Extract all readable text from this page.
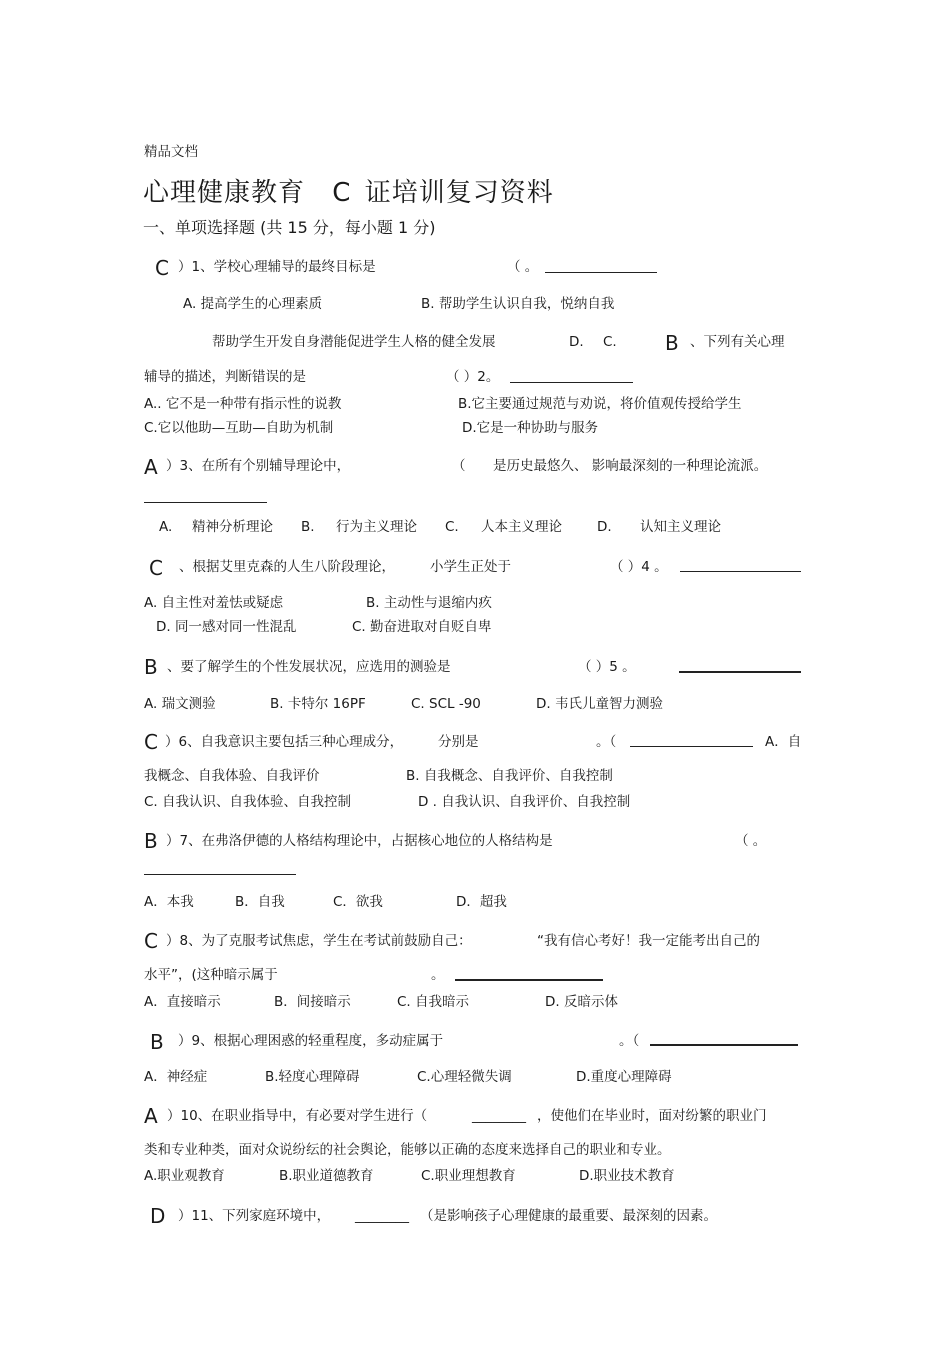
精品文档
心理健康教育 C 证培训复习资料
一、单项选择题 (共 15 分，每小题 1 分)
C ）1、学校心理辅导的最终目标是	（ 。
A. 提高学生的心理素质	B. 帮助学生认识自我，悦纳自我
帮助学生开发自身潜能促进学生人格的健全发展	D. C. B 、下列有关心理
辅导的描述，判断错误的是	（ ）2。
A.. 它不是一种带有指示性的说教	B.它主要通过规范与劝说，将价值观传授给学生
C.它以他助—互助—自助为机制	D.它是一种协助与服务
A ）3、在所有个别辅导理论中，	（ 是历史最悠久、 影响最深刻的一种理论流派。
A. 精神分析理论 B. 行为主义理论 C. 人本主义理论	D. 认知主义理论
C 、根据艾里克森的人生八阶段理论，	小学生正处于	（ ）4 。
A. 自主性对羞怯或疑虑	B. 主动性与退缩内疚
D. 同一感对同一性混乱	C. 勤奋进取对自贬自卑
B 、要了解学生的个性发展状况，应选用的测验是	（ ）5 。
A. 瑞文测验	B. 卡特尔 16PF	C. SCL -90	D. 韦氏儿童智力测验
C ）6、自我意识主要包括三种心理成分，	分别是	。（	A．自
我概念、自我体验、自我评价	B. 自我概念、自我评价、自我控制
C. 自我认识、自我体验、自我控制	D . 自我认识、自我评价、自我控制
B ）7、在弗洛伊德的人格结构理论中，占据核心地位的人格结构是	（ 。
A．本我	B．自我	C．欲我	D．超我
C ）8、为了克服考试焦虑，学生在考试前鼓励自己：	“我有信心考好！我一定能考出自己的
水平”，(这种暗示属于	。
A．直接暗示	B．间接暗示	C. 自我暗示	D. 反暗示体
B ）9、根据心理困惑的轻重程度，多动症属于	。（
A．神经症	B.轻度心理障碍	C.心理轻微失调	D.重度心理障碍
A ）10、在职业指导中，有必要对学生进行（	________ ，使他们在毕业时，面对纷繁的职业门
类和专业种类，面对众说纷纭的社会舆论，能够以正确的态度来选择自己的职业和专业。
A.职业观教育	B.职业道德教育	C.职业理想教育	D.职业技术教育
D ）11、下列家庭环境中， ________ （是影响孩子心理健康的最重要、最深刻的因素。
